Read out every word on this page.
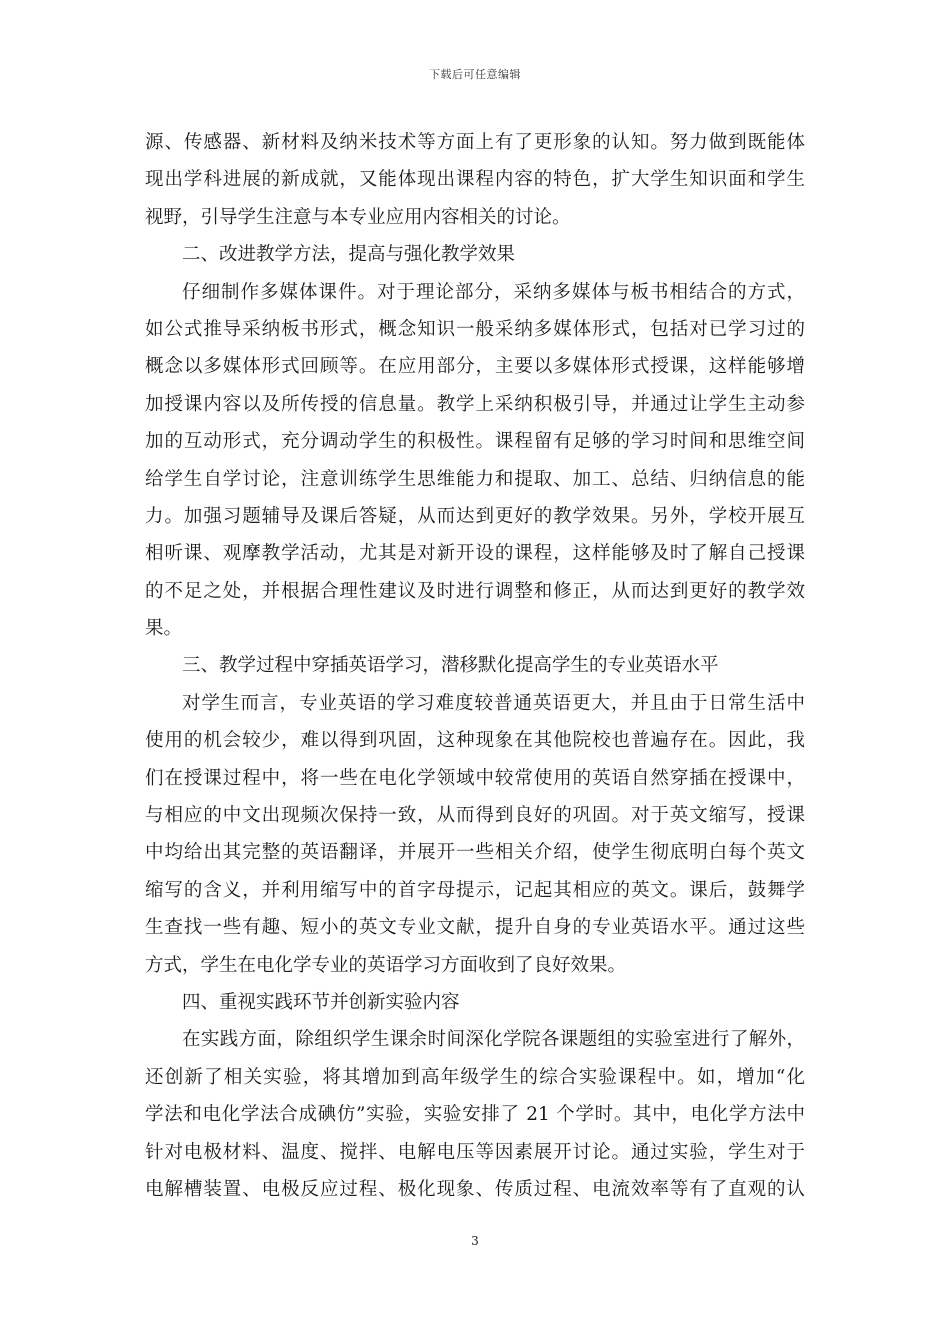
下载后可任意编辑
源、传感器、新材料及纳米技术等方面上有了更形象的认知。努力做到既能体
现出学科进展的新成就，又能体现出课程内容的特色，扩大学生知识面和学生
视野，引导学生注意与本专业应用内容相关的讨论。
二、改进教学方法，提高与强化教学效果
仔细制作多媒体课件。对于理论部分，采纳多媒体与板书相结合的方式，
如公式推导采纳板书形式，概念知识一般采纳多媒体形式，包括对已学习过的
概念以多媒体形式回顾等。在应用部分，主要以多媒体形式授课，这样能够增
加授课内容以及所传授的信息量。教学上采纳积极引导，并通过让学生主动参
加的互动形式，充分调动学生的积极性。课程留有足够的学习时间和思维空间
给学生自学讨论，注意训练学生思维能力和提取、加工、总结、归纳信息的能
力。加强习题辅导及课后答疑，从而达到更好的教学效果。另外，学校开展互
相听课、观摩教学活动，尤其是对新开设的课程，这样能够及时了解自己授课
的不足之处，并根据合理性建议及时进行调整和修正，从而达到更好的教学效
果。
三、教学过程中穿插英语学习，潜移默化提高学生的专业英语水平
对学生而言，专业英语的学习难度较普通英语更大，并且由于日常生活中
使用的机会较少，难以得到巩固，这种现象在其他院校也普遍存在。因此，我
们在授课过程中，将一些在电化学领域中较常使用的英语自然穿插在授课中，
与相应的中文出现频次保持一致，从而得到良好的巩固。对于英文缩写，授课
中均给出其完整的英语翻译，并展开一些相关介绍，使学生彻底明白每个英文
缩写的含义，并利用缩写中的首字母提示，记起其相应的英文。课后，鼓舞学
生查找一些有趣、短小的英文专业文献，提升自身的专业英语水平。通过这些
方式，学生在电化学专业的英语学习方面收到了良好效果。
四、重视实践环节并创新实验内容
在实践方面，除组织学生课余时间深化学院各课题组的实验室进行了解外，
还创新了相关实验，将其增加到高年级学生的综合实验课程中。如，增加“化
学法和电化学法合成碘仿”实验，实验安排了 21 个学时。其中，电化学方法中
针对电极材料、温度、搅拌、电解电压等因素展开讨论。通过实验，学生对于
电解槽装置、电极反应过程、极化现象、传质过程、电流效率等有了直观的认
3
